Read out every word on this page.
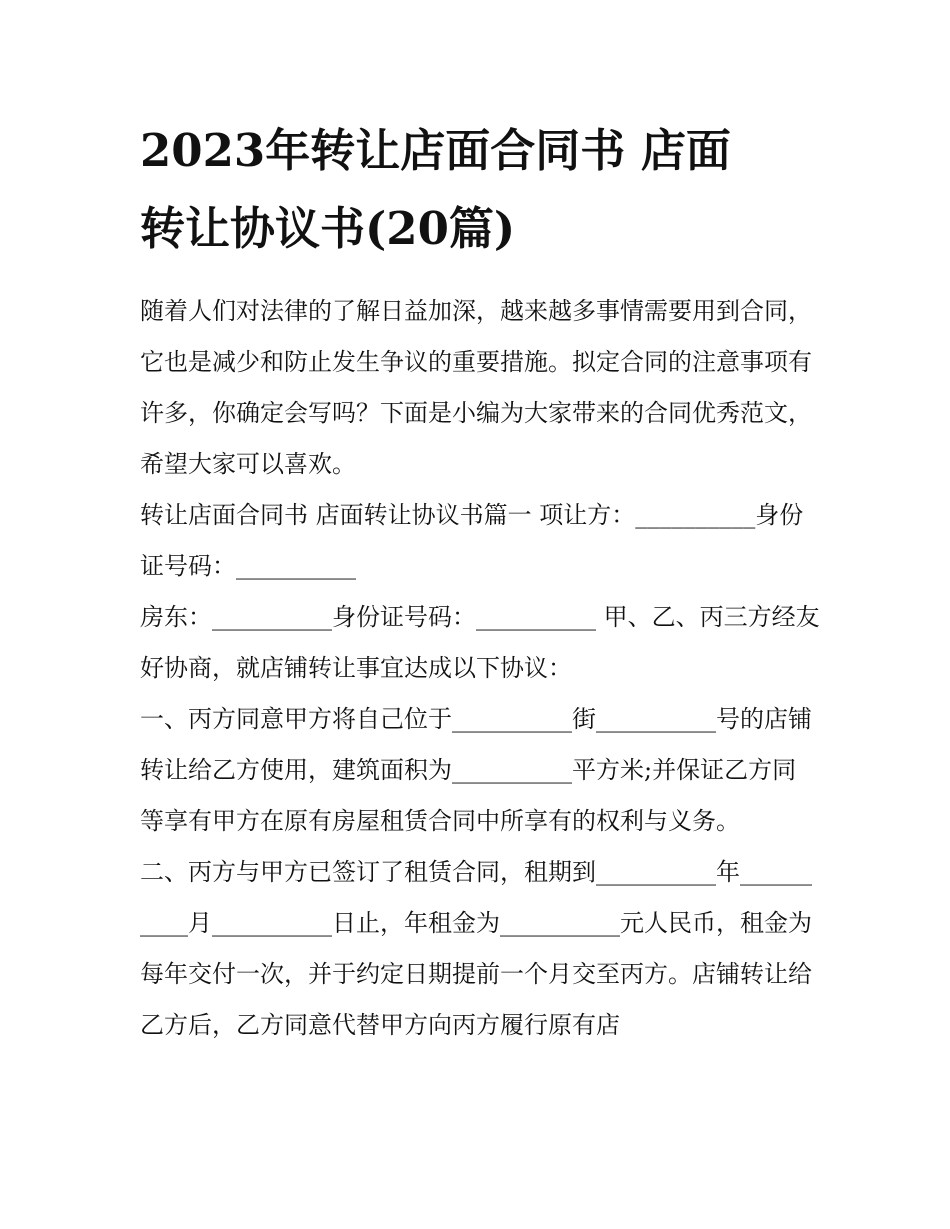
2023年转让店面合同书 店面
转让协议书(20篇)

随着人们对法律的了解日益加深，越来越多事情需要用到合同，它也是减少和防止发生争议的重要措施。拟定合同的注意事项有许多，你确定会写吗？下面是小编为大家带来的合同优秀范文，希望大家可以喜欢。

转让店面合同书 店面转让协议书篇一 项让方：__________身份证号码：__________

房东：__________身份证号码：__________ 甲、乙、丙三方经友好协商，就店铺转让事宜达成以下协议：

一、丙方同意甲方将自己位于__________街__________号的店铺转让给乙方使用，建筑面积为__________平方米;并保证乙方同等享有甲方在原有房屋租赁合同中所享有的权利与义务。

二、丙方与甲方已签订了租赁合同，租期到__________年__________月__________日止，年租金为__________元人民币，租金为每年交付一次，并于约定日期提前一个月交至丙方。店铺转让给乙方后，乙方同意代替甲方向丙方履行原有店
